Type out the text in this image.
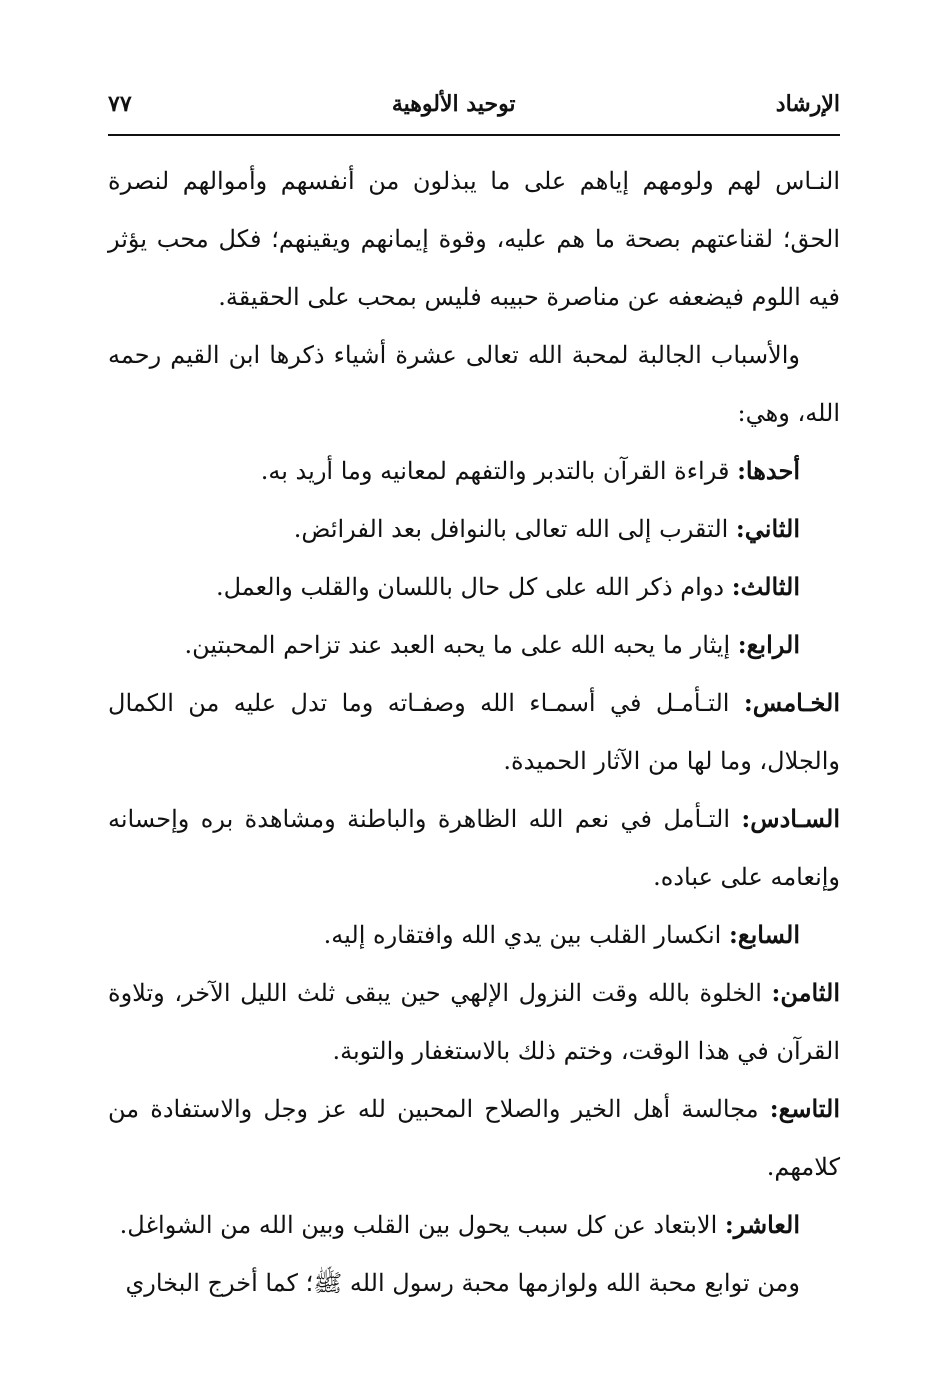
الإرشاد
توحيد الألوهية
٧٧

النـاس لهم ولومهم إياهم على ما يبذلون من أنفسهم وأموالهم لنصرة الحق؛ لقناعتهم بصحة ما هم عليه، وقوة إيمانهم ويقينهم؛ فكل محب يؤثر فيه اللوم فيضعفه عن مناصرة حبيبه فليس بمحب على الحقيقة.

والأسباب الجالبة لمحبة الله تعالى عشرة أشياء ذكرها ابن القيم رحمه الله، وهي:

أحدها: قراءة القرآن بالتدبر والتفهم لمعانيه وما أريد به.

الثاني: التقرب إلى الله تعالى بالنوافل بعد الفرائض.

الثالث: دوام ذكر الله على كل حال باللسان والقلب والعمل.

الرابع: إيثار ما يحبه الله على ما يحبه العبد عند تزاحم المحبتين.

الخـامس: التـأمـل في أسمـاء الله وصفـاته وما تدل عليه من الكمال والجلال، وما لها من الآثار الحميدة.

السـادس: التـأمل في نعم الله الظاهرة والباطنة ومشاهدة بره وإحسانه وإنعامه على عباده.

السابع: انكسار القلب بين يدي الله وافتقاره إليه.

الثامن: الخلوة بالله وقت النزول الإلهي حين يبقى ثلث الليل الآخر، وتلاوة القرآن في هذا الوقت، وختم ذلك بالاستغفار والتوبة.

التاسع: مجالسة أهل الخير والصلاح المحبين لله عز وجل والاستفادة من كلامهم.

العاشر: الابتعاد عن كل سبب يحول بين القلب وبين الله من الشواغل.

ومن توابع محبة الله ولوازمها محبة رسول الله ﷺ؛ كما أخرج البخاري
